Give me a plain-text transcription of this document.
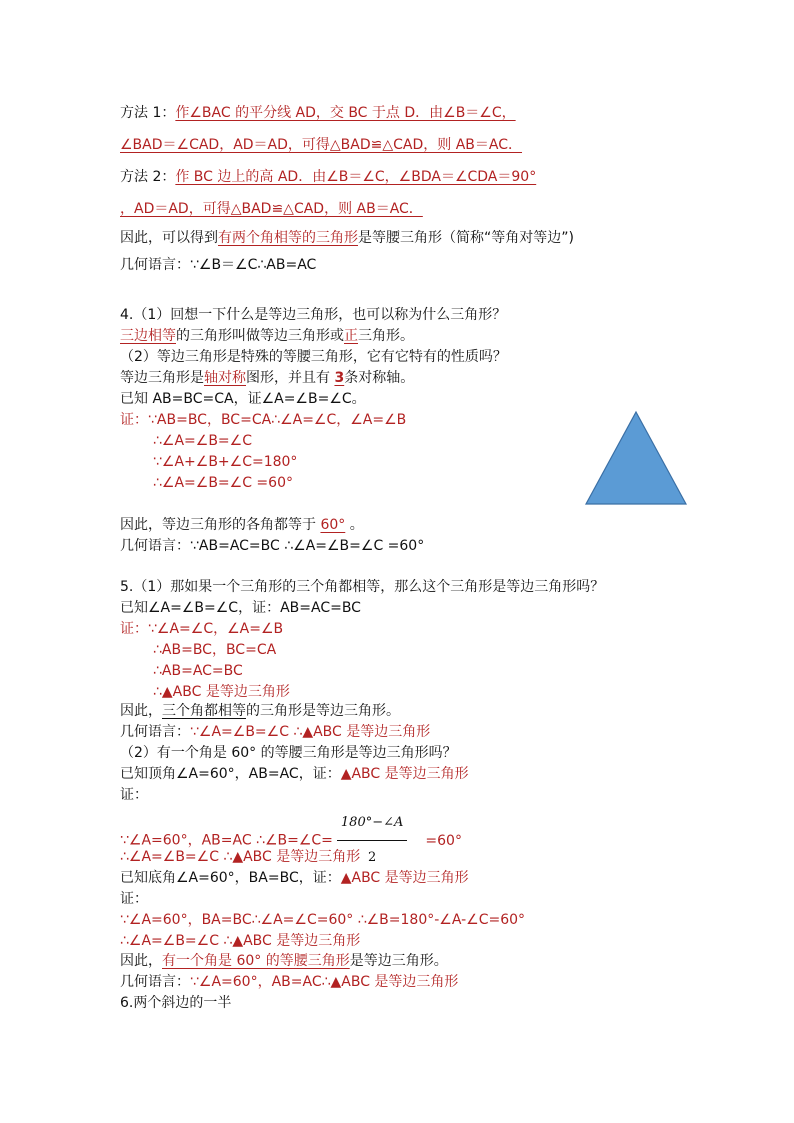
方法 1：作∠BAC 的平分线 AD，交 BC 于点 D．由∠B＝∠C，
∠BAD＝∠CAD，AD＝AD，可得△BAD≌△CAD，则 AB＝AC．
方法 2：作 BC 边上的高 AD．由∠B＝∠C，∠BDA＝∠CDA＝90°
，AD＝AD，可得△BAD≌△CAD，则 AB＝AC．
因此，可以得到有两个角相等的三角形是等腰三角形（简称“等角对等边”)
几何语言：∵∠B＝∠C∴AB=AC
4.（1）回想一下什么是等边三角形，也可以称为什么三角形？
三边相等的三角形叫做等边三角形或正三角形。
（2）等边三角形是特殊的等腰三角形，它有它特有的性质吗？
等边三角形是轴对称图形，并且有 3条对称轴。
已知 AB=BC=CA，证∠A=∠B=∠C。
证：∵AB=BC，BC=CA∴∠A=∠C，∠A=∠B
∴∠A=∠B=∠C
∵∠A+∠B+∠C=180°
∴∠A=∠B=∠C =60°
因此，等边三角形的各角都等于 60° 。
几何语言：∵AB=AC=BC ∴∠A=∠B=∠C =60°
5.（1）那如果一个三角形的三个角都相等，那么这个三角形是等边三角形吗？
已知∠A=∠B=∠C，证：AB=AC=BC
证：∵∠A=∠C，∠A=∠B
∴AB=BC，BC=CA
∴AB=AC=BC
∴▲ABC 是等边三角形
因此，三个角都相等的三角形是等边三角形。
几何语言：∵∠A=∠B=∠C ∴▲ABC 是等边三角形
（2）有一个角是 60° 的等腰三角形是等边三角形吗？
已知顶角∠A=60°，AB=AC，证：▲ABC 是等边三角形
证：
∵∠A=60°，AB=AC ∴∠B=∠C= $\frac{180^\circ-\angle A}{2} =60^\circ$
∴∠A=∠B=∠C ∴▲ABC 是等边三角形
已知底角∠A=60°，BA=BC，证：▲ABC 是等边三角形
证：
∵∠A=60°，BA=BC∴∠A=∠C=60° ∴∠B=180°-∠A-∠C=60°
∴∠A=∠B=∠C ∴▲ABC 是等边三角形
因此，有一个角是 60° 的等腰三角形是等边三角形。
几何语言：∵∠A=60°，AB=AC∴▲ABC 是等边三角形
6.两个斜边的一半
